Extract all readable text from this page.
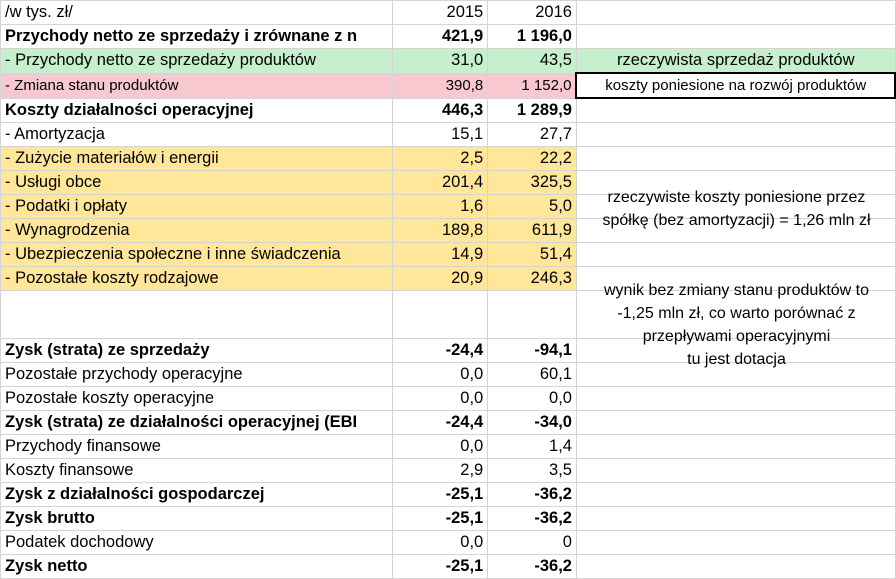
/w tys. zł/	2015	2016	
Przychody netto ze sprzedaży i zrównane z n	421,9	1 196,0	
- Przychody netto ze sprzedaży produktów	31,0	43,5	rzeczywista sprzedaż produktów
- Zmiana stanu produktów	390,8	1 152,0	koszty poniesione na rozwój produktów
Koszty działalności operacyjnej	446,3	1 289,9	
- Amortyzacja	15,1	27,7	
- Zużycie materiałów i energii	2,5	22,2	
- Usługi obce	201,4	325,5	
- Podatki i opłaty	1,6	5,0	
- Wynagrodzenia	189,8	611,9	
- Ubezpieczenia społeczne i inne świadczenia	14,9	51,4	
- Pozostałe koszty rodzajowe	20,9	246,3	

Zysk (strata) ze sprzedaży	-24,4	-94,1	
Pozostałe przychody operacyjne	0,0	60,1	
Pozostałe koszty operacyjne	0,0	0,0	
Zysk (strata) ze działalności operacyjnej (EBI	-24,4	-34,0	
Przychody finansowe	0,0	1,4	
Koszty finansowe	2,9	3,5	
Zysk z działalności gospodarczej	-25,1	-36,2	
Zysk brutto	-25,1	-36,2	
Podatek dochodowy	0,0	0	
Zysk netto	-25,1	-36,2	
rzeczywiste koszty poniesione przez
spółkę (bez amortyzacji) = 1,26 mln zł
wynik bez zmiany stanu produktów to
-1,25 mln zł, co warto porównać z
przepływami operacyjnymi
tu jest dotacja
